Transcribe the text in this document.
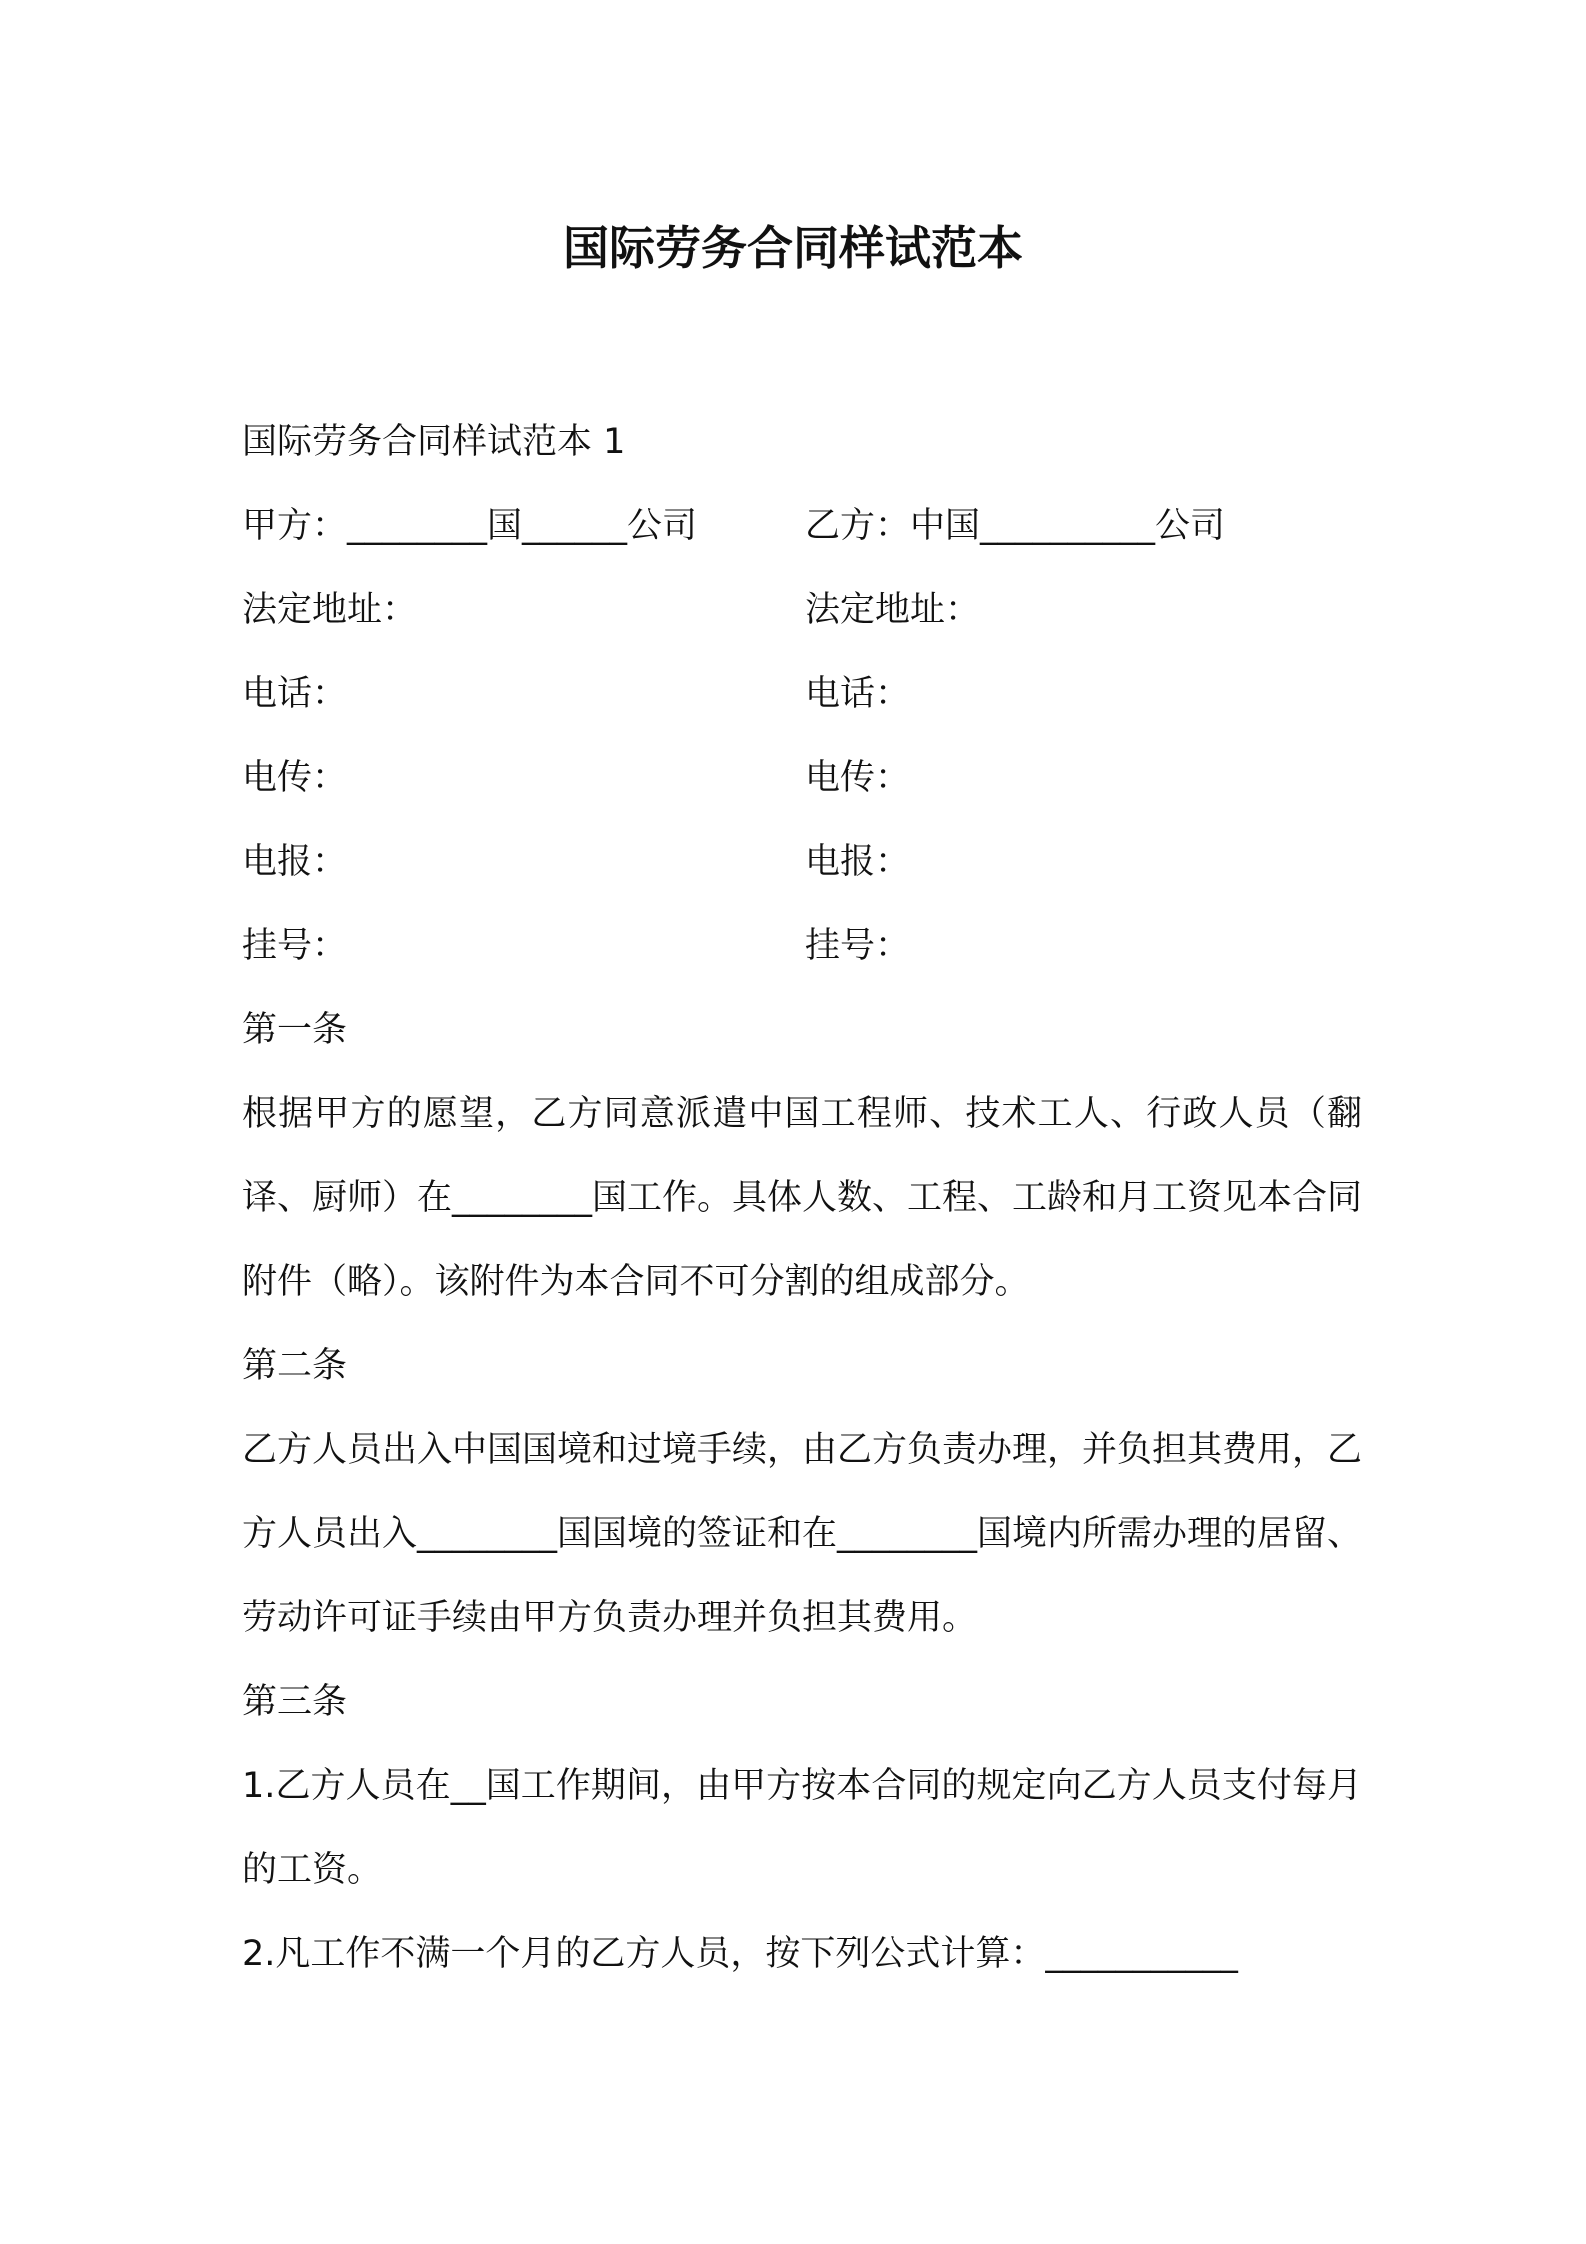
国际劳务合同样试范本

国际劳务合同样试范本 1

甲方：________国______公司	乙方：中国__________公司
法定地址：	法定地址：
电话：	电话：
电传：	电传：
电报：	电报：
挂号：	挂号：

第一条

根据甲方的愿望，乙方同意派遣中国工程师、技术工人、行政人员（翻译、厨师）在________国工作。具体人数、工程、工龄和月工资见本合同附件（略）。该附件为本合同不可分割的组成部分。

第二条

乙方人员出入中国国境和过境手续，由乙方负责办理，并负担其费用，乙方人员出入________国国境的签证和在________国境内所需办理的居留、劳动许可证手续由甲方负责办理并负担其费用。

第三条

1.乙方人员在__国工作期间，由甲方按本合同的规定向乙方人员支付每月的工资。

2.凡工作不满一个月的乙方人员，按下列公式计算：___________
